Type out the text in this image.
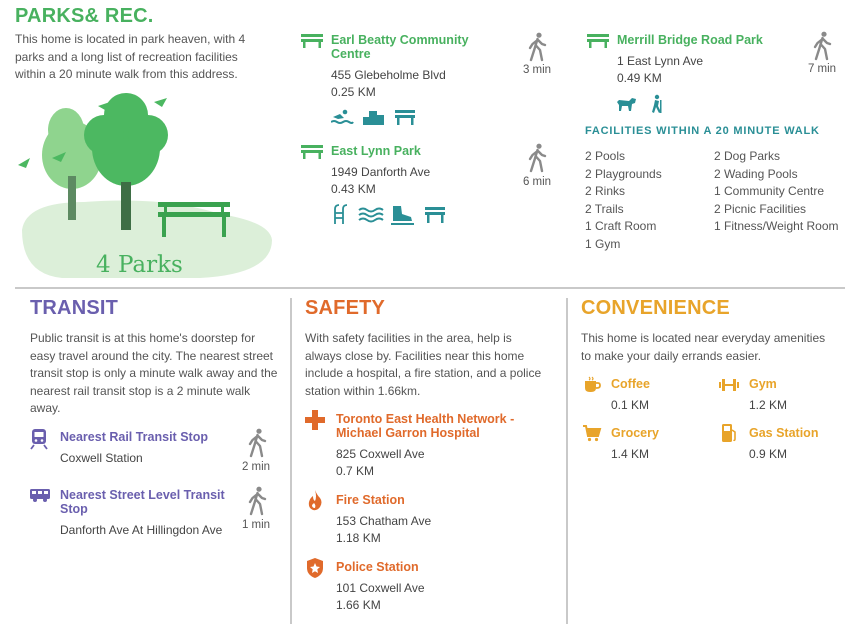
PARKS& REC.
This home is located in park heaven, with 4 parks and a long list of recreation facilities within a 20 minute walk from this address.
4 Parks
Earl Beatty Community Centre
455 Glebeholme Blvd
0.25 KM
3 min
East Lynn Park
1949 Danforth Ave
0.43 KM	6 min
Merrill Bridge Road Park
1 East Lynn Ave
0.49 KM
7 min
FACILITIES WITHIN A 20 MINUTE WALK
2 Pools
2 Playgrounds
2 Rinks
2 Trails
1 Craft Room
1 Gym
2 Dog Parks
2 Wading Pools
1 Community Centre
2 Picnic Facilities
1 Fitness/Weight Room
TRANSIT
Public transit is at this home's doorstep for easy travel around the city. The nearest street transit stop is only a minute walk away and the nearest rail transit stop is a 2 minute walk away.
Nearest Rail Transit Stop
Coxwell Station
2 min
Nearest Street Level Transit Stop
Danforth Ave At Hillingdon Ave	1 min
SAFETY
With safety facilities in the area, help is always close by. Facilities near this home include a hospital, a fire station, and a police station within 1.66km.
Toronto East Health Network - Michael Garron Hospital
825 Coxwell Ave
0.7 KM
Fire Station
153 Chatham Ave
1.18 KM
Police Station
101 Coxwell Ave
1.66 KM
CONVENIENCE
This home is located near everyday amenities to make your daily errands easier.
Coffee
0.1 KM
Gym
1.2 KM
Grocery
1.4 KM
Gas Station
0.9 KM
